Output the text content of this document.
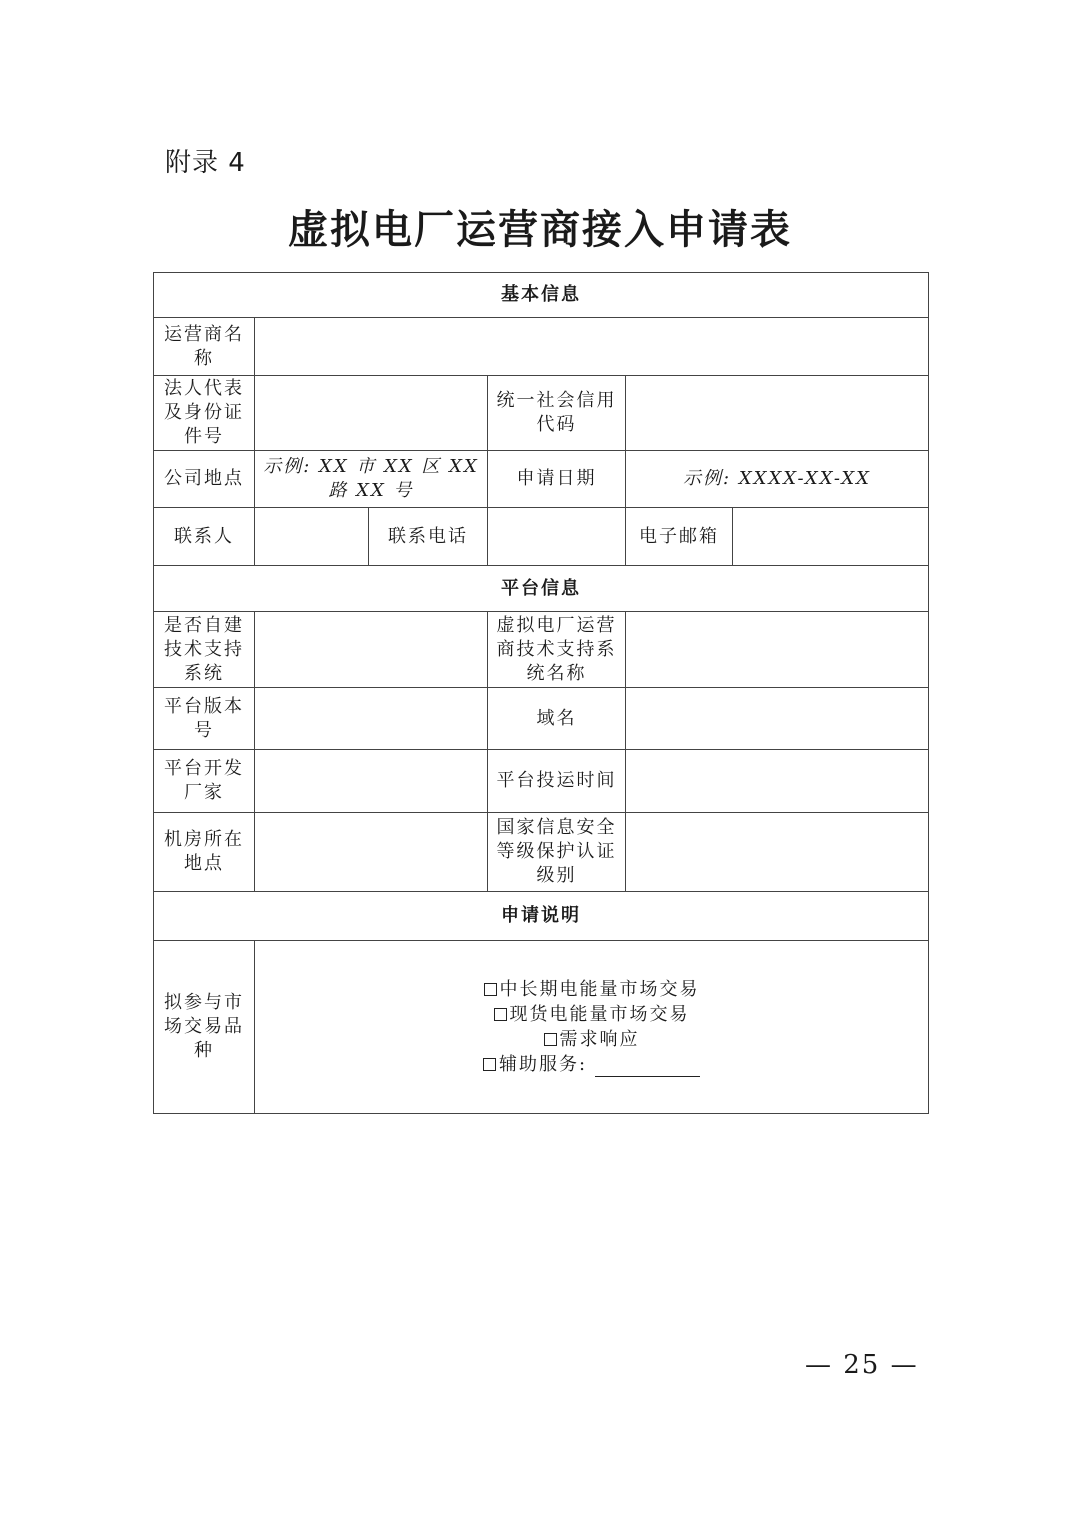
附录 4
虚拟电厂运营商接入申请表
基本信息					
运营商名称					
法人代表及身份证件号			统一社会信用代码		
公司地点	示例: XX 市 XX 区 XX 路 XX 号		申请日期	示例: XXXX-XX-XX	
联系人		联系电话		电子邮箱	
平台信息					
是否自建技术支持系统			虚拟电厂运营商技术支持系统名称		
平台版本号			域名		
平台开发厂家			平台投运时间		
机房所在地点			国家信息安全等级保护认证级别		
申请说明					
拟参与市场交易品种	中长期电能量市场交易
现货电能量市场交易
需求响应
辅助服务:				
— 25 —
